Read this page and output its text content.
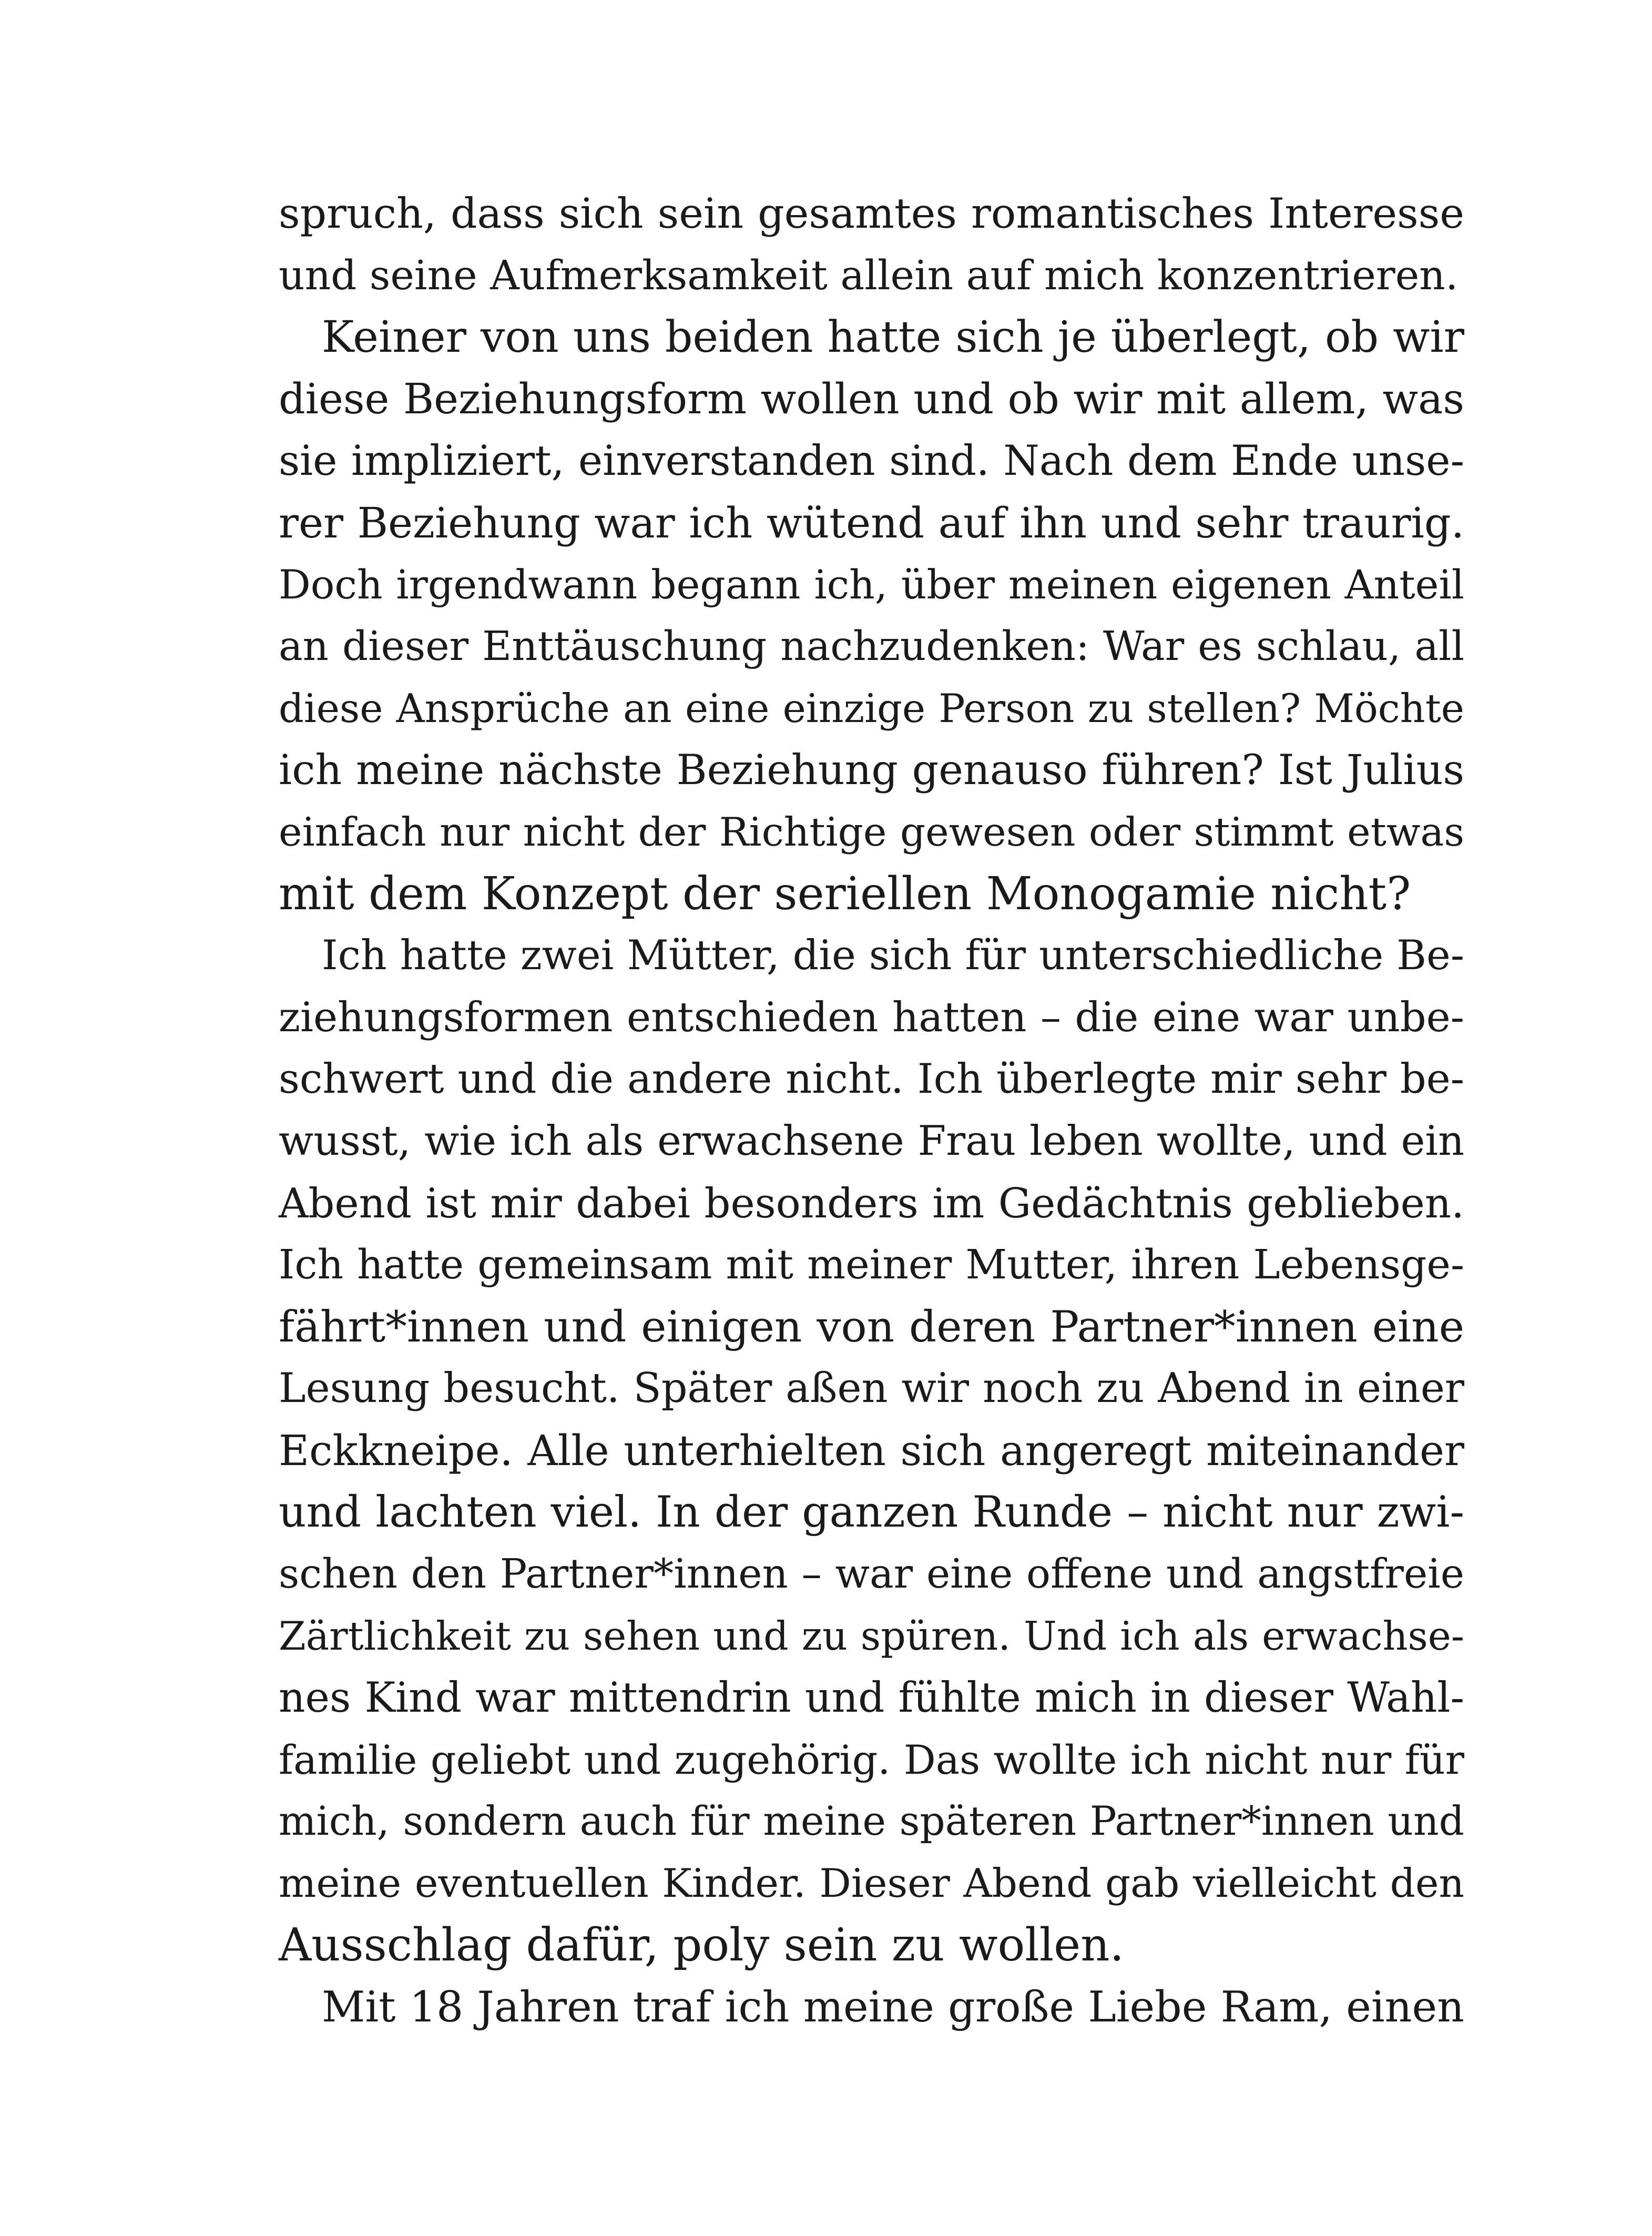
spruch, dass sich sein gesamtes romantisches Interesse
und seine Aufmerksamkeit allein auf mich konzentrieren.
Keiner von uns beiden hatte sich je überlegt, ob wir
diese Beziehungsform wollen und ob wir mit allem, was
sie impliziert, einverstanden sind. Nach dem Ende unse-
rer Beziehung war ich wütend auf ihn und sehr traurig.
Doch irgendwann begann ich, über meinen eigenen Anteil
an dieser Enttäuschung nachzudenken: War es schlau, all
diese Ansprüche an eine einzige Person zu stellen? Möchte
ich meine nächste Beziehung genauso führen? Ist Julius
einfach nur nicht der Richtige gewesen oder stimmt etwas
mit dem Konzept der seriellen Monogamie nicht?
Ich hatte zwei Mütter, die sich für unterschiedliche Be-
ziehungsformen entschieden hatten – die eine war unbe-
schwert und die andere nicht. Ich überlegte mir sehr be-
wusst, wie ich als erwachsene Frau leben wollte, und ein
Abend ist mir dabei besonders im Gedächtnis geblieben.
Ich hatte gemeinsam mit meiner Mutter, ihren Lebensge-
fährt*innen und einigen von deren Partner*innen eine
Lesung besucht. Später aßen wir noch zu Abend in einer
Eckkneipe. Alle unterhielten sich angeregt miteinander
und lachten viel. In der ganzen Runde – nicht nur zwi-
schen den Partner*innen – war eine offene und angstfreie
Zärtlichkeit zu sehen und zu spüren. Und ich als erwachse-
nes Kind war mittendrin und fühlte mich in dieser Wahl-
familie geliebt und zugehörig. Das wollte ich nicht nur für
mich, sondern auch für meine späteren Partner*innen und
meine eventuellen Kinder. Dieser Abend gab vielleicht den
Ausschlag dafür, poly sein zu wollen.
Mit 18 Jahren traf ich meine große Liebe Ram, einen
